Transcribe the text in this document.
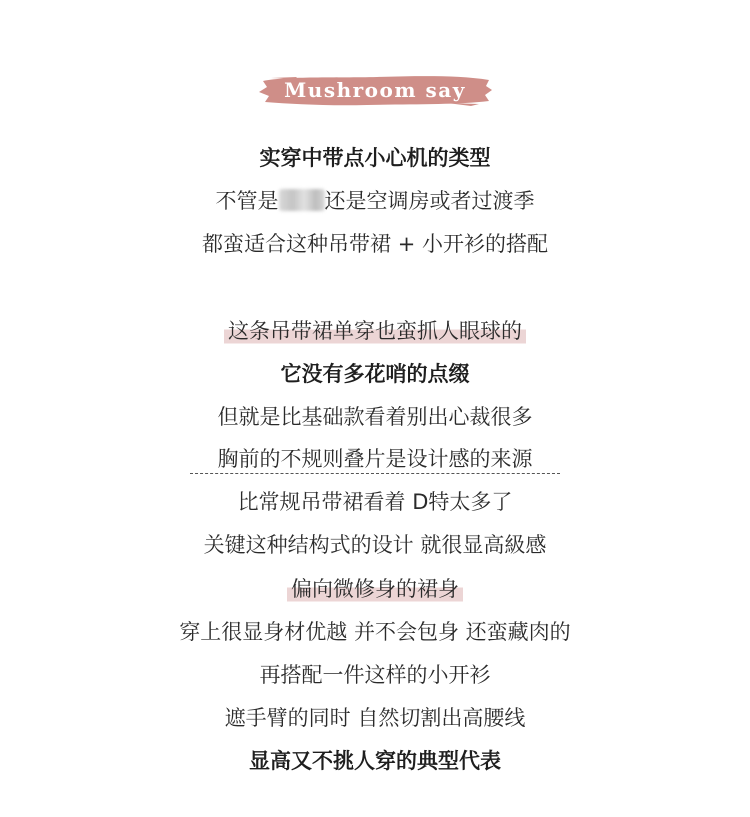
Mushroom say
实穿中带点小心机的类型
不管是 还是空调房或者过渡季
都蛮适合这种吊带裙 + 小开衫的搭配
这条吊带裙单穿也蛮抓人眼球的
它没有多花哨的点缀
但就是比基础款看着别出心裁很多
胸前的不规则叠片是设计感的来源
比常规吊带裙看着 D特太多了
关键这种结构式的设计 就很显高級感
偏向微修身的裙身
穿上很显身材优越 并不会包身 还蛮藏肉的
再搭配一件这样的小开衫
遮手臂的同时 自然切割出高腰线
显高又不挑人穿的典型代表
